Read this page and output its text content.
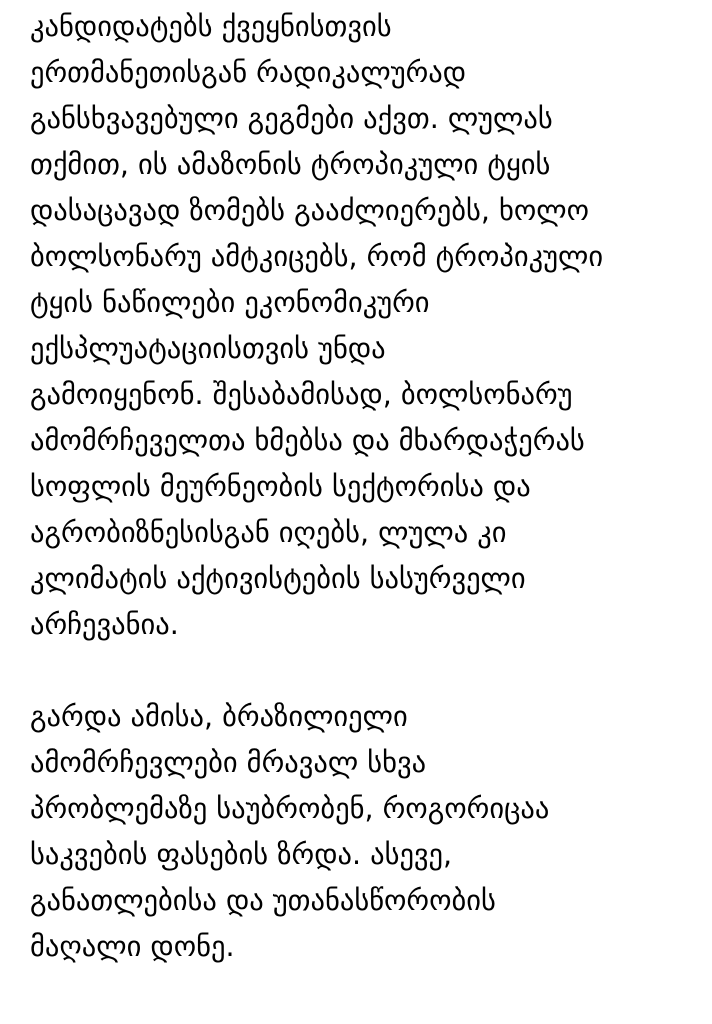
კანდიდატებს ქვეყნისთვის
ერთმანეთისგან რადიკალურად
განსხვავებული გეგმები აქვთ. ლულას
თქმით, ის ამაზონის ტროპიკული ტყის
დასაცავად ზომებს გააძლიერებს, ხოლო
ბოლსონარუ ამტკიცებს, რომ ტროპიკული
ტყის ნაწილები ეკონომიკური
ექსპლუატაციისთვის უნდა
გამოიყენონ. შესაბამისად, ბოლსონარუ
ამომრჩეველთა ხმებსა და მხარდაჭერას
სოფლის მეურნეობის სექტორისა და
აგრობიზნესისგან იღებს, ლულა კი
კლიმატის აქტივისტების სასურველი
არჩევანია.

გარდა ამისა, ბრაზილიელი
ამომრჩევლები მრავალ სხვა
პრობლემაზე საუბრობენ, როგორიცაა
საკვების ფასების ზრდა. ასევე,
განათლებისა და უთანასწორობის
მაღალი დონე.
